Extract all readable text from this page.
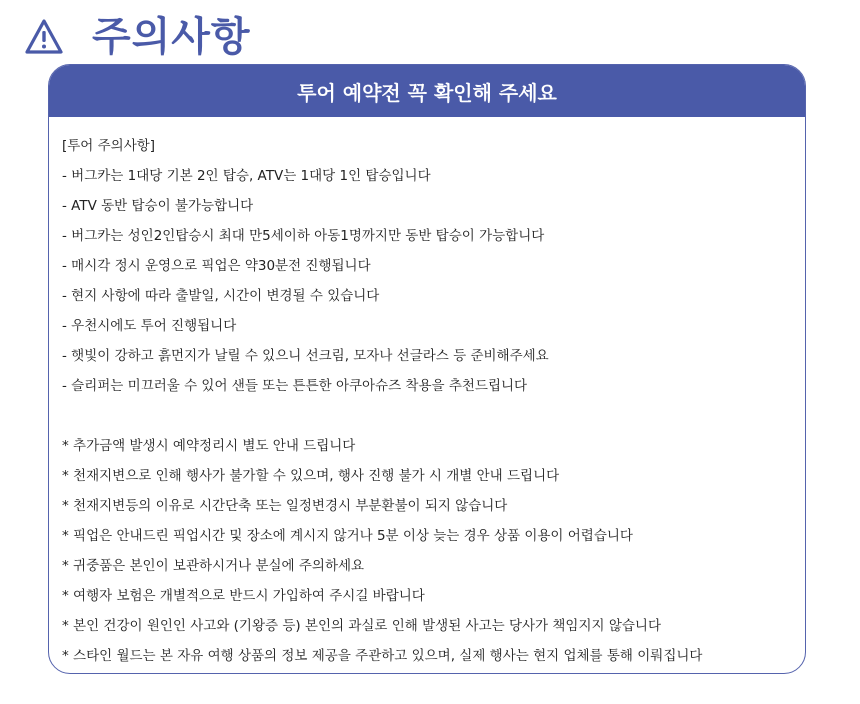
주의사항
투어 예약전 꼭 확인해 주세요
[투어 주의사항]
- 버그카는 1대당 기본 2인 탑승, ATV는 1대당 1인 탑승입니다
- ATV 동반 탑승이 불가능합니다
- 버그카는 성인2인탑승시 최대 만5세이하 아동1명까지만 동반 탑승이 가능합니다
- 매시각 정시 운영으로 픽업은 약30분전 진행됩니다
- 현지 사항에 따라 출발일, 시간이 변경될 수 있습니다
- 우천시에도 투어 진행됩니다
- 햇빛이 강하고 흙먼지가 날릴 수 있으니 선크림, 모자나 선글라스 등 준비해주세요
- 슬리퍼는 미끄러울 수 있어 샌들 또는 튼튼한 아쿠아슈즈 착용을 추천드립니다
* 추가금액 발생시 예약정리시 별도 안내 드립니다
* 천재지변으로 인해 행사가 불가할 수 있으며, 행사 진행 불가 시 개별 안내 드립니다
* 천재지변등의 이유로 시간단축 또는 일정변경시 부분환불이 되지 않습니다
* 픽업은 안내드린 픽업시간 및 장소에 계시지 않거나 5분 이상 늦는 경우 상품 이용이 어렵습니다
* 귀중품은 본인이 보관하시거나 분실에 주의하세요
* 여행자 보험은 개별적으로 반드시 가입하여 주시길 바랍니다
* 본인 건강이 원인인 사고와 (기왕증 등) 본인의 과실로 인해 발생된 사고는 당사가 책임지지 않습니다
* 스타인 월드는 본 자유 여행 상품의 정보 제공을 주관하고 있으며, 실제 행사는 현지 업체를 통해 이뤄집니다
